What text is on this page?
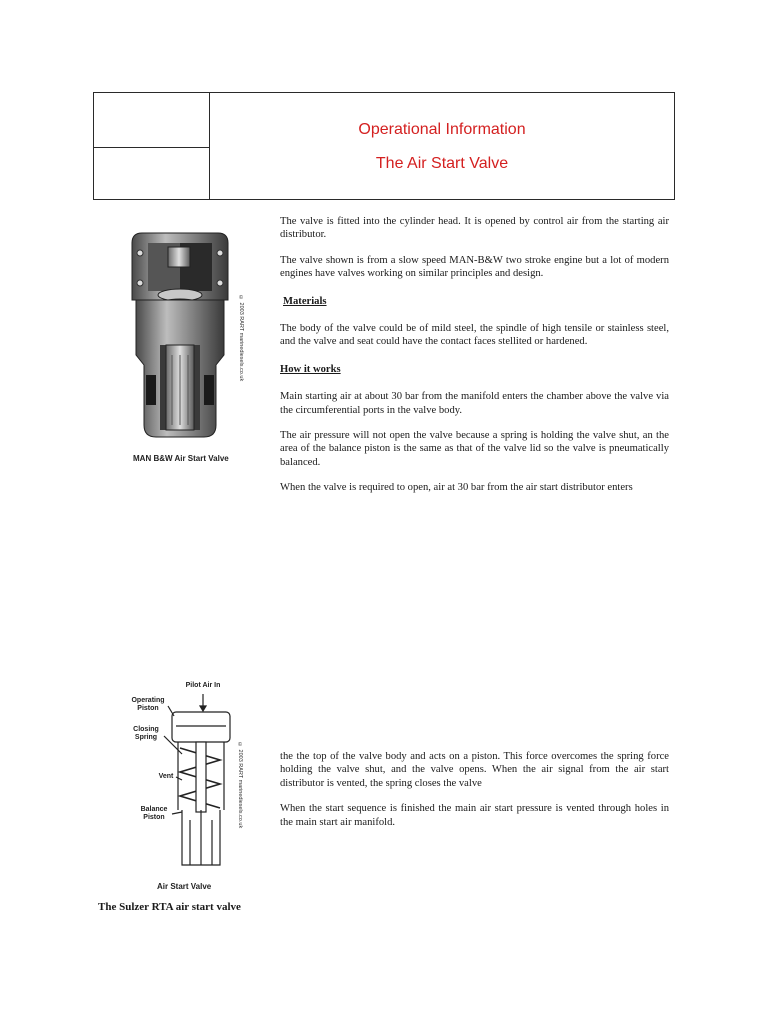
Operational Information
The Air Start Valve

The valve is fitted into the cylinder head. It is opened by control air from the starting air distributor.

The valve shown is from a slow speed MAN-B&W two stroke engine but a lot of modern engines have valves working on similar principles and design.

Materials

The body of the valve could be of mild steel, the spindle of high tensile or stainless steel, and the valve and seat could have the contact faces stellited or hardened.

How it works

Main starting air at about 30 bar from the manifold enters the chamber above the valve via the circumferential ports in the valve body.

The air pressure will not open the valve because a spring is holding the valve shut, an the area of the balance piston is the same as that of the valve lid so the valve is pneumatically balanced.

When the valve is required to open, air at 30 bar from the air start distributor enters

the the top of the valve body and acts on a piston. This force overcomes the spring force holding the valve shut, and the valve opens. When the air signal from the air start distributor is vented, the spring closes the valve

When the start sequence is finished the main air start pressure is vented through holes in the main start air manifold.

© 2003 RART marinediesels.co.uk
MAN B&W Air Start Valve
Pilot Air In
Operating Piston
Closing Spring
Vent
Balance Piston	© 2003 RART marinediesels.co.uk
Air Start Valve
The Sulzer RTA air start valve
